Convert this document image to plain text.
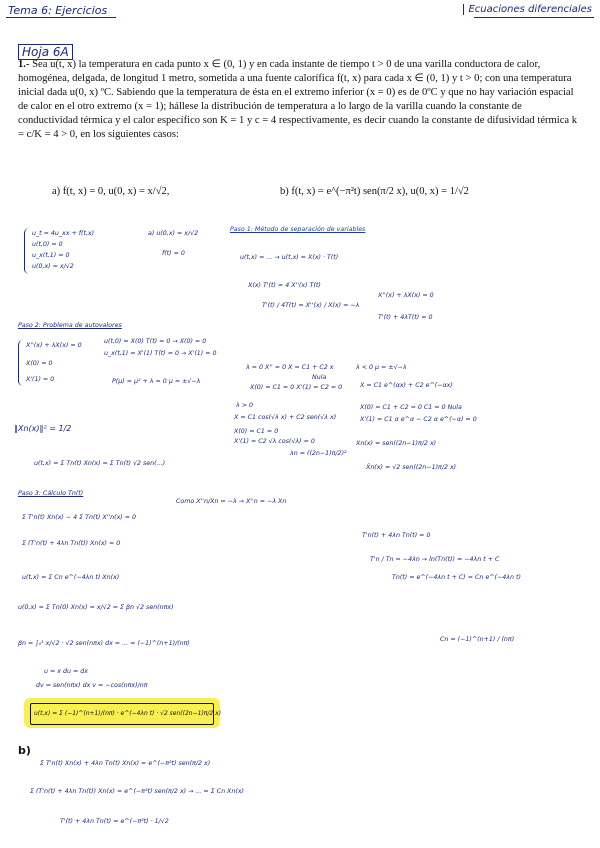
Tema 6: Ejercicios	Ecuaciones diferenciales
Hoja 6A

1.- Sea u(t, x) la temperatura en cada punto x ∈ (0, 1) y en cada instante de tiempo t > 0 de una varilla conductora de calor, homogénea, delgada, de longitud 1 metro, sometida a una fuente calorífica f(t, x) para cada x ∈ (0, 1) y t > 0; con una temperatura inicial dada u(0, x) ºC. Sabiendo que la temperatura de ésta en el extremo inferior (x = 0) es de 0ºC y que no hay variación espacial de calor en el otro extremo (x = 1); hállese la distribución de temperatura a lo largo de la varilla cuando la constante de conductividad térmica y el calor específico son K = 1 y c = 4 respectivamente, es decir cuando la constante de difusividad térmica k = c/K = 4 > 0, en los siguientes casos:

a) f(t, x) = 0, u(0, x) = x/√2,	b) f(t, x) = e^(−π²t) sen(π/2 x), u(0, x) = 1/√2
u_t = 4u_xx + f(t,x)
u(t,0) = 0
u_x(t,1) = 0
u(0,x) = x/√2
a) u(0,x) = x/√2
f(t) = 0
Paso 1: Método de separación de variables
u(t,x) = ... → u(t,x) = X(x) · T(t)
X(x) T'(t) = 4 X''(x) T(t)
T'(t) / 4T(t) = X''(x) / X(x) = −λ
X''(x) + λX(x) = 0
T'(t) + 4λT(t) = 0
Paso 2: Problema de autovalores
X''(x) + λX(x) = 0
X(0) = 0
X'(1) = 0
u(t,0) = X(0) T(t) = 0 → X(0) = 0
u_x(t,1) = X'(1) T(t) = 0 → X'(1) = 0
P(μ) = μ² + λ = 0 μ = ±√−λ
λ = 0 X'' = 0 X = C1 + C2 x
X(0) = C1 = 0 X'(1) = C2 = 0
Nula
λ < 0 μ = ±√−λ
X = C1 e^(αx) + C2 e^(−αx)
X(0) = C1 + C2 = 0 C1 = 0 Nula
X'(1) = C1 α e^α − C2 α e^(−α) = 0
λ > 0
X = C1 cos(√λ x) + C2 sen(√λ x)
X(0) = C1 = 0
X'(1) = C2 √λ cos(√λ) = 0
λn = ((2n−1)π/2)²
‖Xn(x)‖² = 1/2
Xn(x) = sen((2n−1)π/2 x)
X̃n(x) = √2 sen((2n−1)π/2 x)
u(t,x) = Σ Tn(t) Xn(x) = Σ Tn(t) √2 sen(...)
Paso 3: Cálculo Tn(t)
Como X''n/Xn = −λ → X''n = −λ Xn
Σ T'n(t) Xn(x) − 4 Σ Tn(t) X''n(x) = 0
Σ (T'n(t) + 4λn Tn(t)) Xn(x) = 0
T'n(t) + 4λn Tn(t) = 0
T'n / Tn = −4λn → ln(Tn(t)) = −4λn t + C
Tn(t) = e^(−4λn t + C) = Cn e^(−4λn t)
u(t,x) = Σ Cn e^(−4λn t) Xn(x)
u(0,x) = Σ Tn(0) Xn(x) = x/√2 = Σ βn √2 sen(nπx)
βn = ∫₀¹ x/√2 · √2 sen(nπx) dx = ... = (−1)^(n+1)/(nπ)
Cn = (−1)^(n+1) / (nπ)
u = x du = dx
dv = sen(nπx) dx v = −cos(nπx)/nπ
u(t,x) = Σ (−1)^(n+1)/(nπ) · e^(−4λn t) · √2 sen((2n−1)π/2 x)
b)
Σ T'n(t) Xn(x) + 4λn Tn(t) Xn(x) = e^(−π²t) sen(π/2 x)
Σ (T'n(t) + 4λn Tn(t)) Xn(x) = e^(−π²t) sen(π/2 x) → ... = Σ Cn Xn(x)
T'(t) + 4λn Tn(t) = e^(−π²t) · 1/√2
